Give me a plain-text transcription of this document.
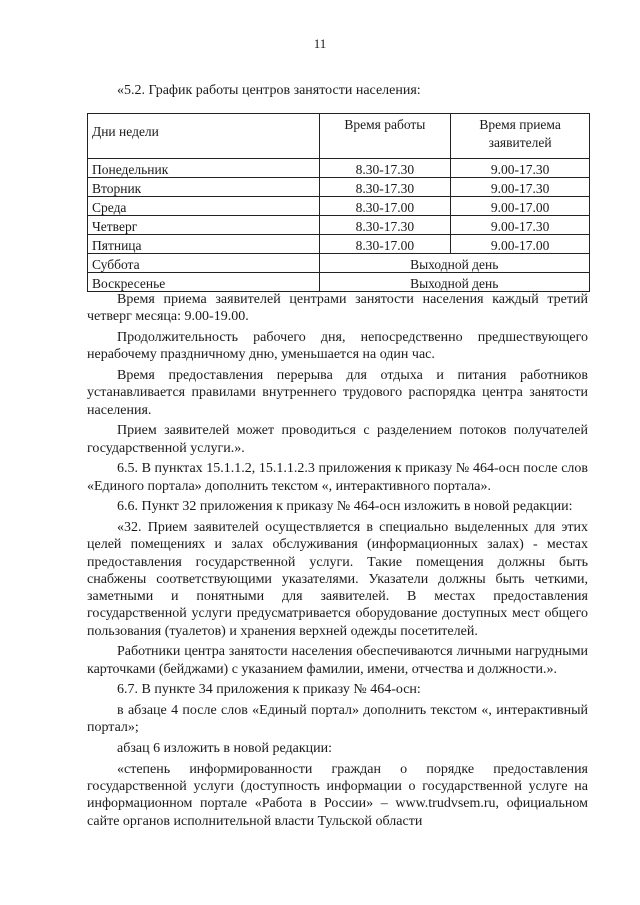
11
«5.2. График работы центров занятости населения:
Дни недели	Время работы	Время приема заявителей
Понедельник	8.30-17.30	9.00-17.30
Вторник	8.30-17.30	9.00-17.30
Среда	8.30-17.00	9.00-17.00
Четверг	8.30-17.30	9.00-17.30
Пятница	8.30-17.00	9.00-17.00
Суббота	Выходной день	
Воскресенье	Выходной день	

Время приема заявителей центрами занятости населения каждый третий четверг месяца: 9.00-19.00.

Продолжительность рабочего дня, непосредственно предшествующего нерабочему праздничному дню, уменьшается на один час.

Время предоставления перерыва для отдыха и питания работников устанавливается правилами внутреннего трудового распорядка центра занятости населения.

Прием заявителей может проводиться с разделением потоков получателей государственной услуги.».

6.5. В пунктах 15.1.1.2, 15.1.1.2.3 приложения к приказу № 464-осн после слов «Единого портала» дополнить текстом «, интерактивного портала».

6.6. Пункт 32 приложения к приказу № 464-осн изложить в новой редакции:

«32. Прием заявителей осуществляется в специально выделенных для этих целей помещениях и залах обслуживания (информационных залах) - местах предоставления государственной услуги. Такие помещения должны быть снабжены соответствующими указателями. Указатели должны быть четкими, заметными и понятными для заявителей. В местах предоставления государственной услуги предусматривается оборудование доступных мест общего пользования (туалетов) и хранения верхней одежды посетителей.

Работники центра занятости населения обеспечиваются личными нагрудными карточками (бейджами) с указанием фамилии, имени, отчества и должности.».

6.7. В пункте 34 приложения к приказу № 464-осн:

в абзаце 4 после слов «Единый портал» дополнить текстом «, интерактивный портал»;

абзац 6 изложить в новой редакции:

«степень информированности граждан о порядке предоставления государственной услуги (доступность информации о государственной услуге на информационном портале «Работа в России» – www.trudvsem.ru, официальном сайте органов исполнительной власти Тульской области
